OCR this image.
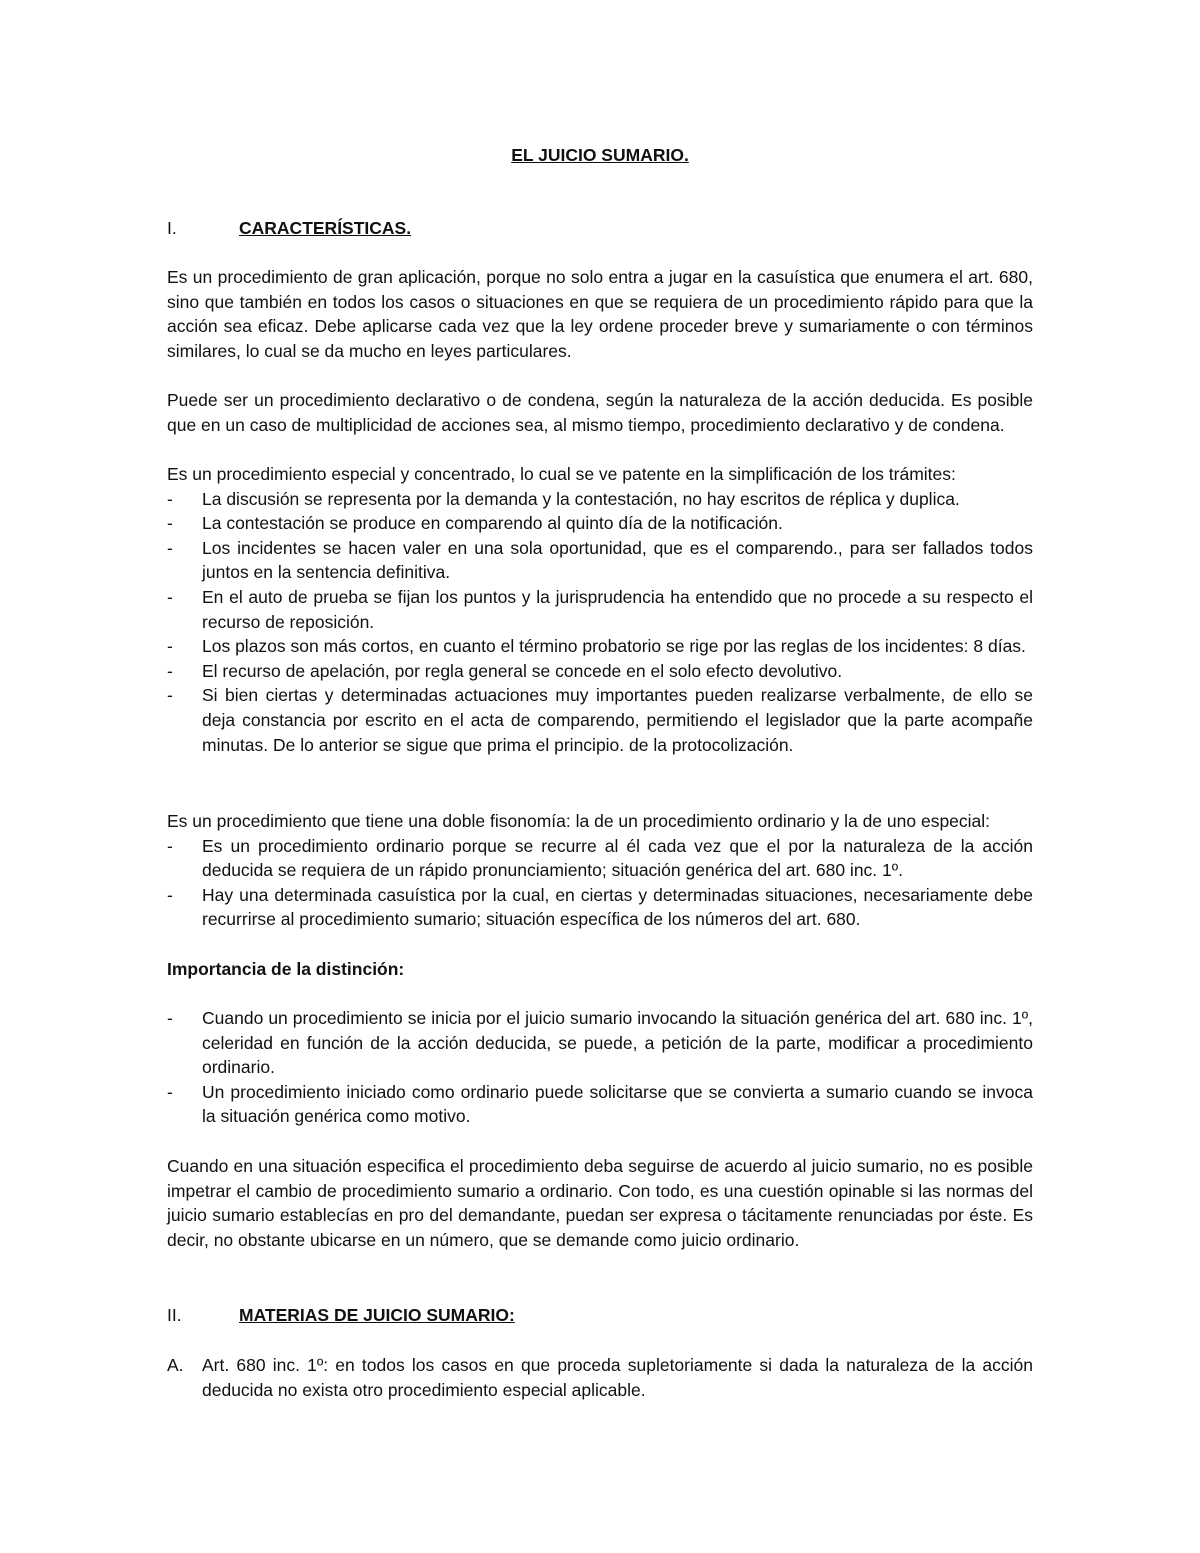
EL JUICIO SUMARIO.
I.	CARACTERÍSTICAS.

Es un procedimiento de gran aplicación, porque no solo entra a jugar en la casuística que enumera el art. 680, sino que también en todos los casos o situaciones en que se requiera de un procedimiento rápido para que la acción sea eficaz. Debe aplicarse cada vez que la ley ordene proceder breve y sumariamente o con términos similares, lo cual se da mucho en leyes particulares.

Puede ser un procedimiento declarativo o de condena, según la naturaleza de la acción deducida. Es posible que en un caso de multiplicidad de acciones sea, al mismo tiempo, procedimiento declarativo y de condena.

Es un procedimiento especial y concentrado, lo cual se ve patente en la simplificación de los trámites:

- La discusión se representa por la demanda y la contestación, no hay escritos de réplica y duplica.
- La contestación se produce en comparendo al quinto día de la notificación.
- Los incidentes se hacen valer en una sola oportunidad, que es el comparendo., para ser fallados todos juntos en la sentencia definitiva.
- En el auto de prueba se fijan los puntos y la jurisprudencia ha entendido que no procede a su respecto el recurso de reposición.
- Los plazos son más cortos, en cuanto el término probatorio se rige por las reglas de los incidentes: 8 días.
- El recurso de apelación, por regla general se concede en el solo efecto devolutivo.
- Si bien ciertas y determinadas actuaciones muy importantes pueden realizarse verbalmente, de ello se deja constancia por escrito en el acta de comparendo, permitiendo el legislador que la parte acompañe minutas. De lo anterior se sigue que prima el principio. de la protocolización.

Es un procedimiento que tiene una doble fisonomía: la de un procedimiento ordinario y la de uno especial:

- Es un procedimiento ordinario porque se recurre al él cada vez que el por la naturaleza de la acción deducida se requiera de un rápido pronunciamiento; situación genérica del art. 680 inc. 1º.
- Hay una determinada casuística por la cual, en ciertas y determinadas situaciones, necesariamente debe recurrirse al procedimiento sumario; situación específica de los números del art. 680.
Importancia de la distinción:
- Cuando un procedimiento se inicia por el juicio sumario invocando la situación genérica del art. 680 inc. 1º, celeridad en función de la acción deducida, se puede, a petición de la parte, modificar a procedimiento ordinario.
- Un procedimiento iniciado como ordinario puede solicitarse que se convierta a sumario cuando se invoca la situación genérica como motivo.

Cuando en una situación especifica el procedimiento deba seguirse de acuerdo al juicio sumario, no es posible impetrar el cambio de procedimiento sumario a ordinario. Con todo, es una cuestión opinable si las normas del juicio sumario establecías en pro del demandante, puedan ser expresa o tácitamente renunciadas por éste. Es decir, no obstante ubicarse en un número, que se demande como juicio ordinario.

II.	MATERIAS DE JUICIO SUMARIO:
A.	Art. 680 inc. 1º: en todos los casos en que proceda supletoriamente si dada la naturaleza de la acción deducida no exista otro procedimiento especial aplicable.
